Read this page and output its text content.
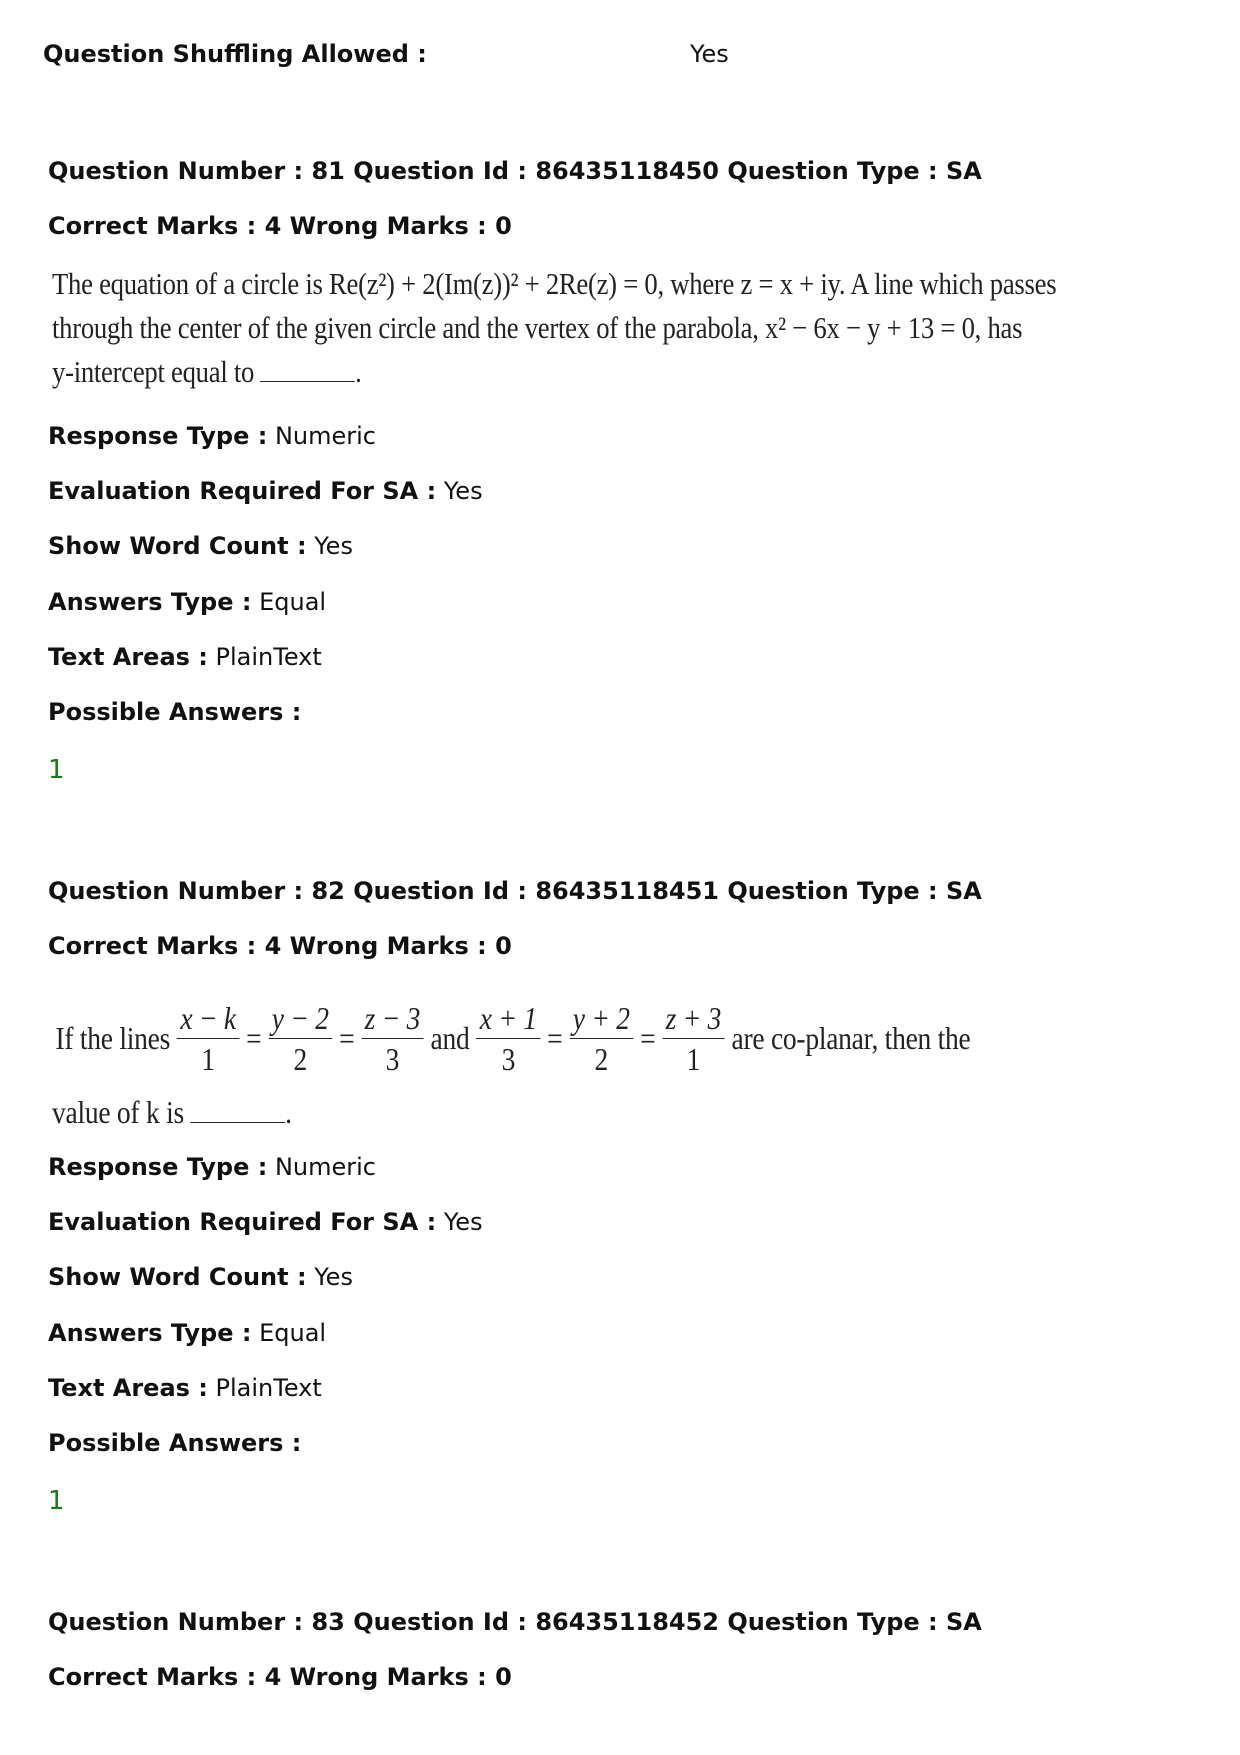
Question Shuffling Allowed :	Yes
Question Number : 81 Question Id : 86435118450 Question Type : SA
Correct Marks : 4 Wrong Marks : 0
The equation of a circle is Re(z²) + 2(Im(z))² + 2Re(z) = 0, where z = x + iy. A line which passes
through the center of the given circle and the vertex of the parabola, x² − 6x − y + 13 = 0, has
y-intercept equal to	.
Response Type : Numeric
Evaluation Required For SA : Yes
Show Word Count : Yes
Answers Type : Equal
Text Areas : PlainText
Possible Answers :
1
Question Number : 82 Question Id : 86435118451 Question Type : SA
Correct Marks : 4 Wrong Marks : 0
If the lines $\frac{x - k}{1} = \frac{y - 2}{2} = \frac{z - 3}{3}$ and $\frac{x + 1}{3} = \frac{y + 2}{2} = \frac{z + 3}{1}$ are co-planar, then the
value of k is	.
Response Type : Numeric
Evaluation Required For SA : Yes
Show Word Count : Yes
Answers Type : Equal
Text Areas : PlainText
Possible Answers :
1
Question Number : 83 Question Id : 86435118452 Question Type : SA
Correct Marks : 4 Wrong Marks : 0
